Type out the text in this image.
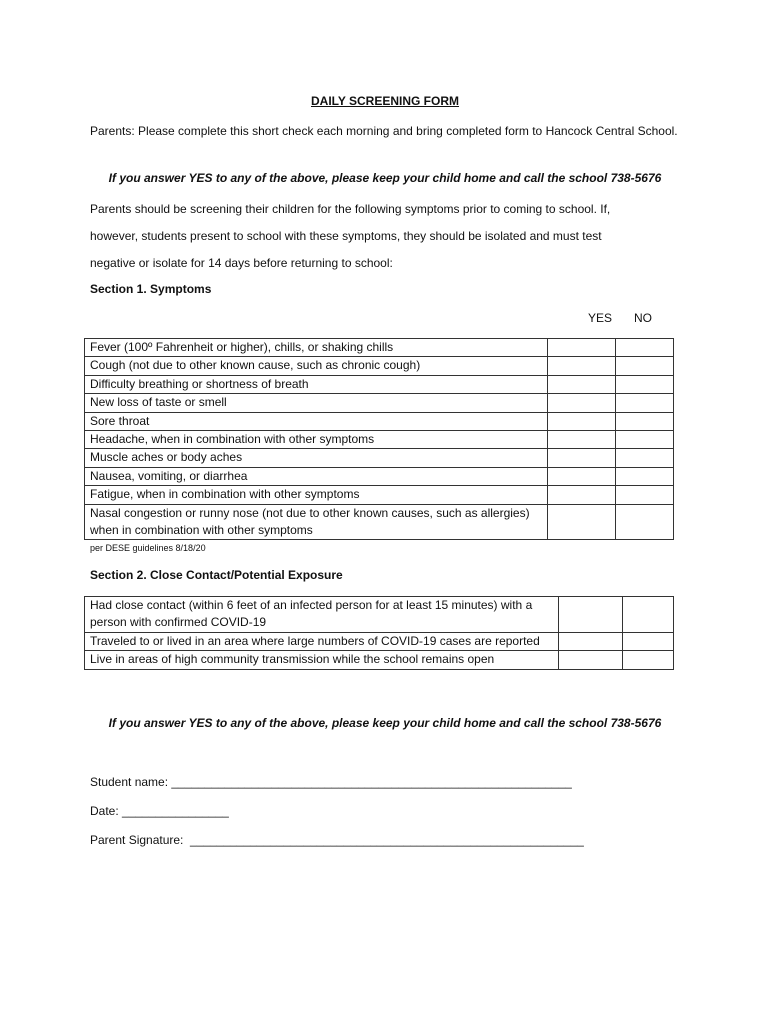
DAILY SCREENING FORM
Parents: Please complete this short check each morning and bring completed form to Hancock Central School.
If you answer YES to any of the above, please keep your child home and call the school 738-5676
Parents should be screening their children for the following symptoms prior to coming to school. If,
however, students present to school with these symptoms, they should be isolated and must test
negative or isolate for 14 days before returning to school:
Section 1. Symptoms
YES NO
Fever (100º Fahrenheit or higher), chills, or shaking chills		
Cough (not due to other known cause, such as chronic cough)		
Difficulty breathing or shortness of breath		
New loss of taste or smell		
Sore throat		
Headache, when in combination with other symptoms		
Muscle aches or body aches		
Nausea, vomiting, or diarrhea		
Fatigue, when in combination with other symptoms		
Nasal congestion or runny nose (not due to other known causes, such as allergies) when in combination with other symptoms		
per DESE guidelines 8/18/20
Section 2. Close Contact/Potential Exposure
Had close contact (within 6 feet of an infected person for at least 15 minutes) with a person with confirmed COVID-19		
Traveled to or lived in an area where large numbers of COVID-19 cases are reported		
Live in areas of high community transmission while the school remains open		
If you answer YES to any of the above, please keep your child home and call the school 738-5676
Student name: ____________________________________________________________
Date: ________________
Parent Signature:  ___________________________________________________________
